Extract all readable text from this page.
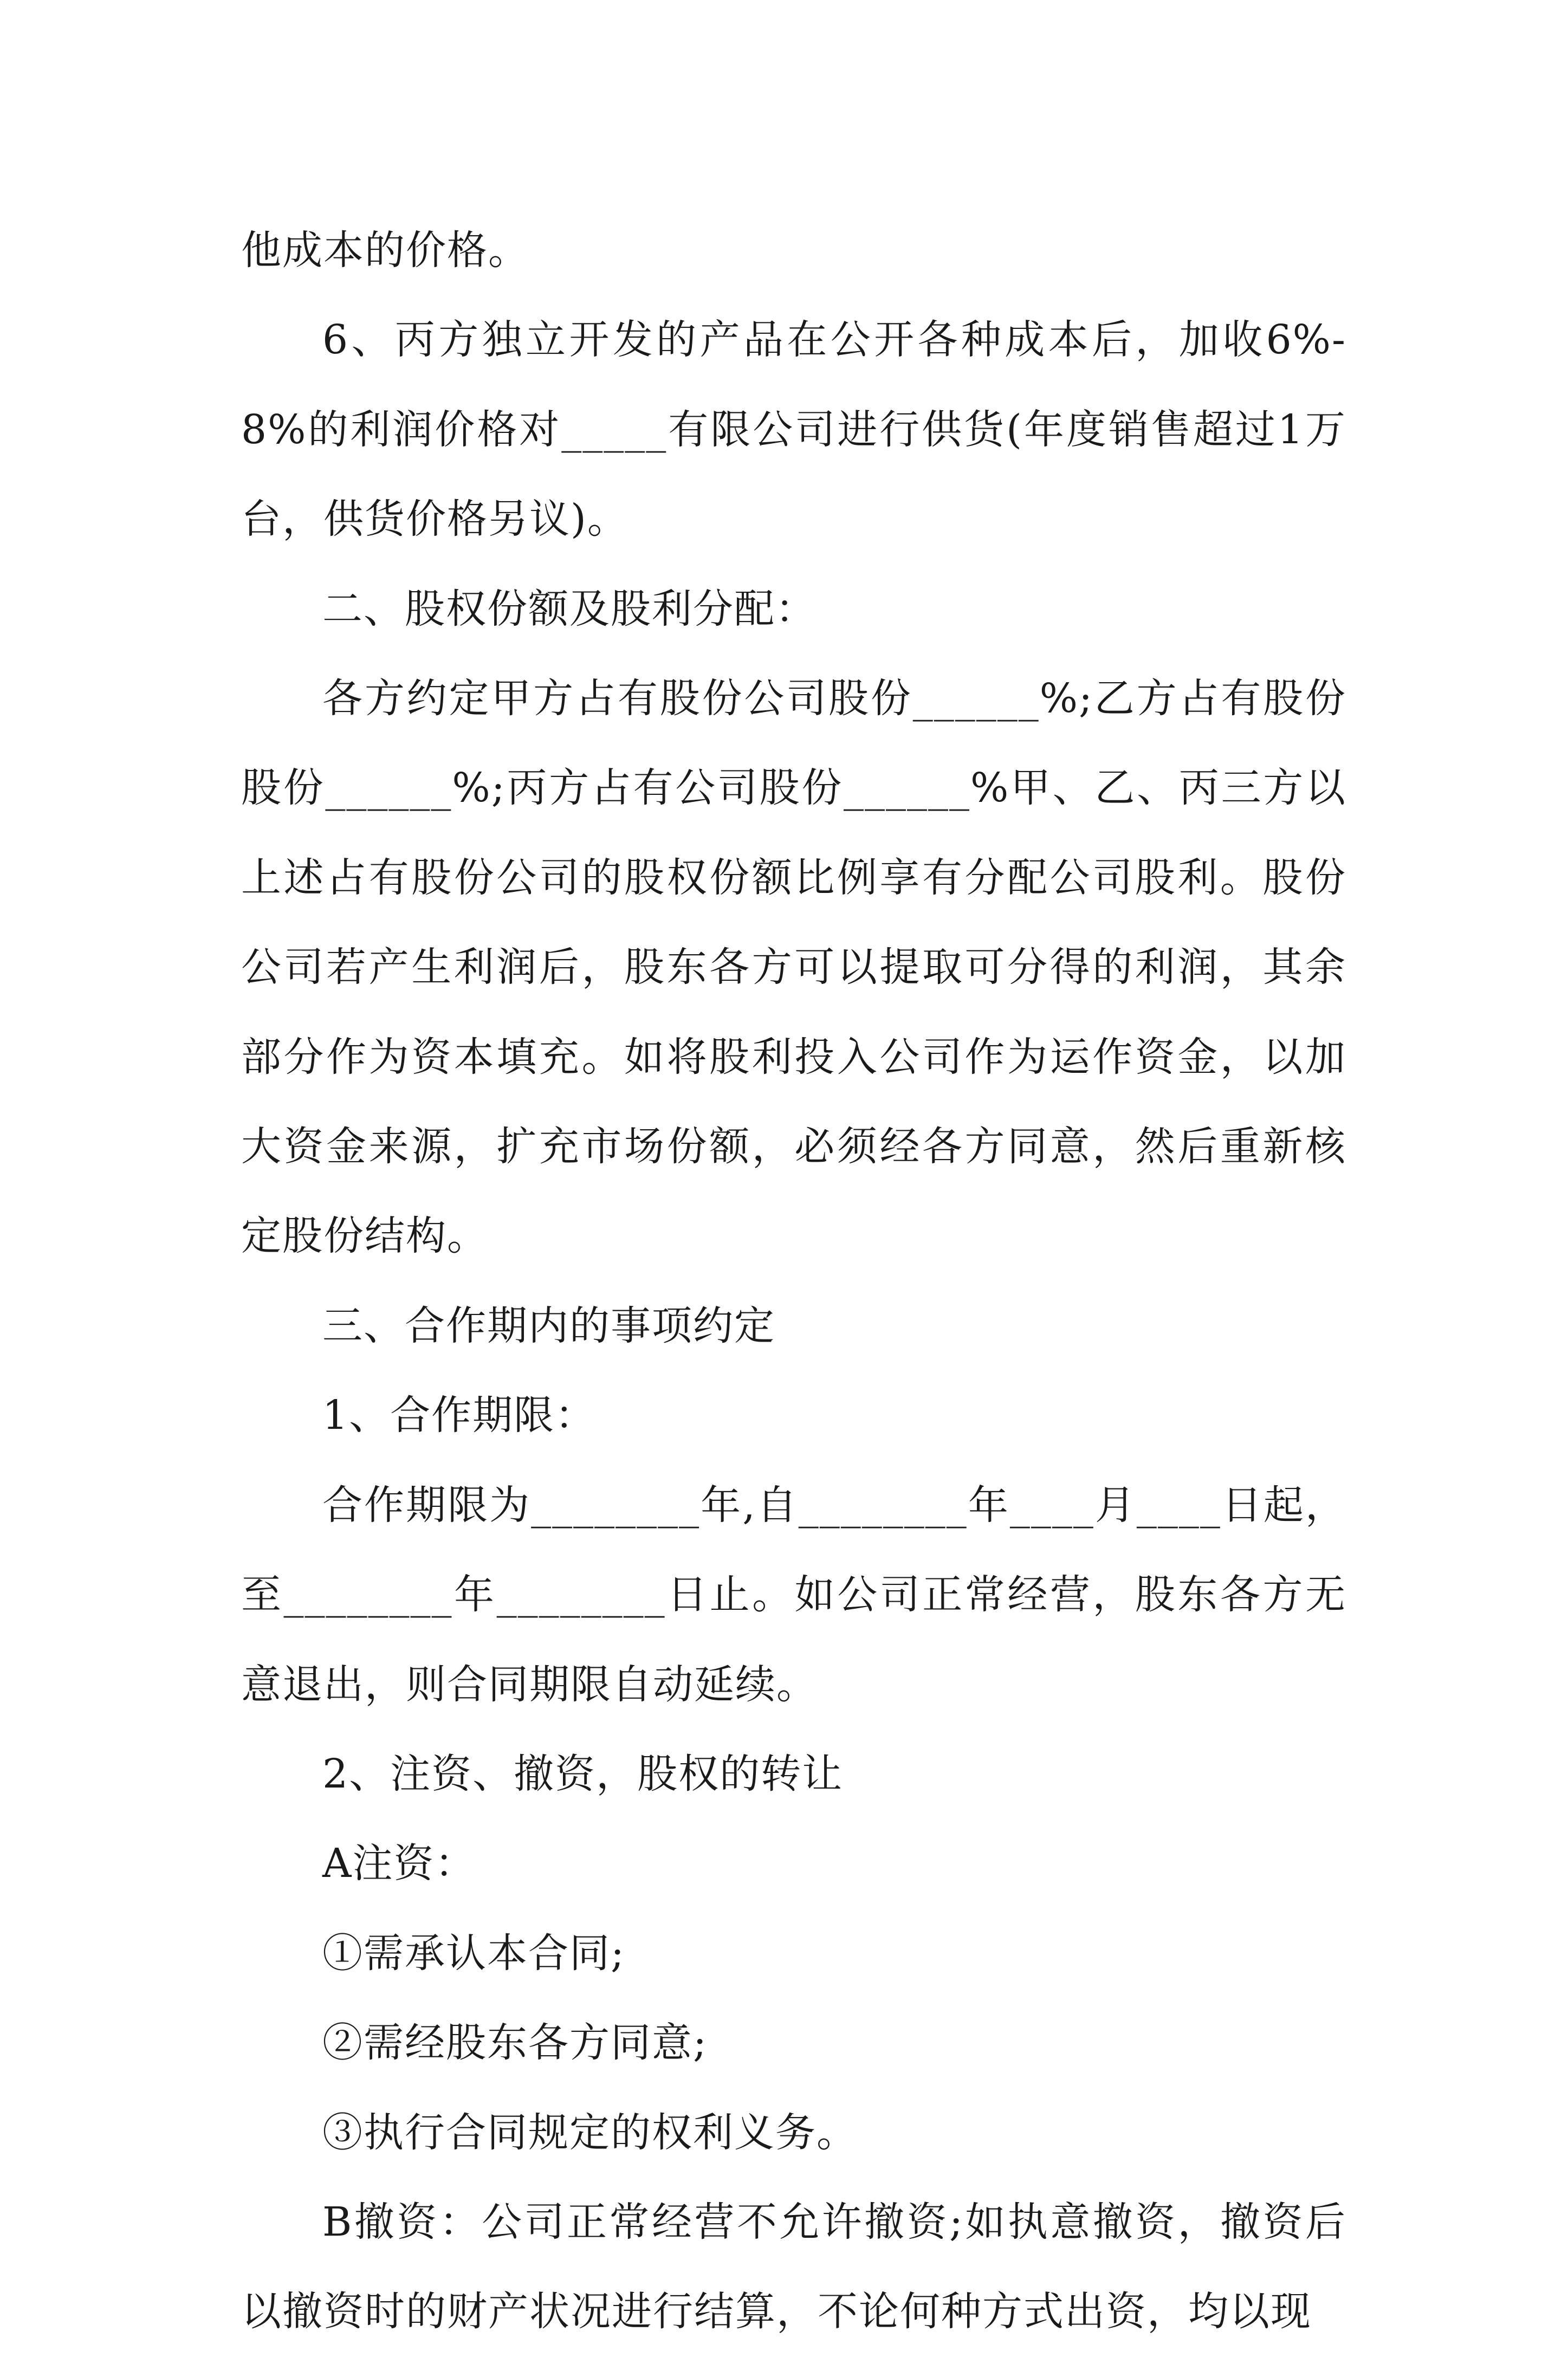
他成本的价格。

6、丙方独立开发的产品在公开各种成本后，加收6%-8%的利润价格对_____有限公司进行供货(年度销售超过1万台，供货价格另议)。

二、股权份额及股利分配：

各方约定甲方占有股份公司股份______%;乙方占有股份股份______%;丙方占有公司股份______%甲、乙、丙三方以上述占有股份公司的股权份额比例享有分配公司股利。股份公司若产生利润后，股东各方可以提取可分得的利润，其余部分作为资本填充。如将股利投入公司作为运作资金，以加大资金来源，扩充市场份额，必须经各方同意，然后重新核定股份结构。

三、合作期内的事项约定

1、合作期限：

合作期限为________年,自________年____月____日起，至________年________日止。如公司正常经营，股东各方无意退出，则合同期限自动延续。

2、注资、撤资，股权的转让

A注资：

①需承认本合同;

②需经股东各方同意;

③执行合同规定的权利义务。

B撤资：公司正常经营不允许撤资;如执意撤资，撤资后以撤资时的财产状况进行结算，不论何种方式出资，均以现
